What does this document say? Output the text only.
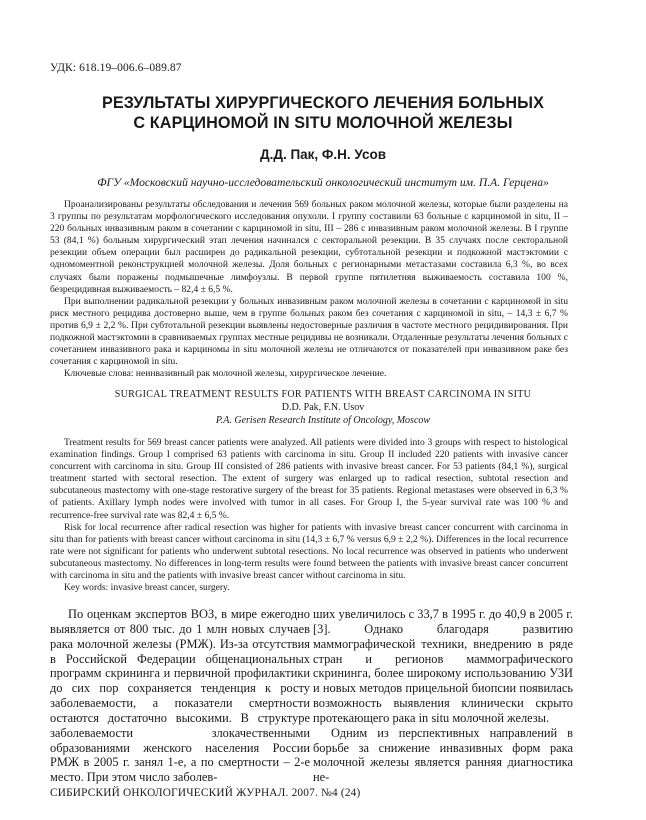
УДК: 618.19–006.6–089.87
РЕЗУЛЬТАТЫ ХИРУРГИЧЕСКОГО ЛЕЧЕНИЯ БОЛЬНЫХ
С КАРЦИНОМОЙ IN SITU МОЛОЧНОЙ ЖЕЛЕЗЫ
Д.Д. Пак, Ф.Н. Усов
ФГУ «Московский научно-исследовательский онкологический институт им. П.А. Герцена»

Проанализированы результаты обследования и лечения 569 больных раком молочной железы, которые были разделены на 3 группы по результатам морфологического исследования опухоли. I группу составили 63 больные с карциномой in situ, II – 220 больных инвазивным раком в сочетании с карциномой in situ, III – 286 с инвазивным раком молочной железы. В I группе 53 (84,1 %) больным хирургический этап лечения начинался с секторальной резекции. В 35 случаях после секторальной резекции объем операции был расширен до радикальной резекции, субтотальной резекции и подкожной мастэктомии с одномоментной реконструкцией молочной железы. Доля больных с регионарными метастазами составила 6,3 %, во всех случаях были поражены подмышечные лимфоузлы. В первой группе пятилетняя выживаемость составила 100 %, безрецидивная выживаемость – 82,4 ± 6,5 %.

При выполнении радикальной резекции у больных инвазивным раком молочной железы в сочетании с карциномой in situ риск местного рецидива достоверно выше, чем в группе больных раком без сочетания с карциномой in situ, – 14,3 ± 6,7 % против 6,9 ± 2,2 %. При субтотальной резекции выявлены недостоверные различия в частоте местного рецидивирования. При подкожной мастэктомии в сравниваемых группах местные рецидивы не возникали. Отдаленные результаты лечения больных с сочетанием инвазивного рака и карциномы in situ молочной железы не отличаются от показателей при инвазивном раке без сочетания с карциномой in situ.

Ключевые слова: неинвазивный рак молочной железы, хирургическое лечение.

SURGICAL TREATMENT RESULTS FOR PATIENTS WITH BREAST CARCINOMA IN SITU
D.D. Pak, F.N. Usov
P.A. Gerisen Research Institute of Oncology, Moscow

Treatment results for 569 breast cancer patients were analyzed. All patients were divided into 3 groups with respect to histological examination findings. Group I comprised 63 patients with carcinoma in situ. Group II included 220 patients with invasive cancer concurrent with carcinoma in situ. Group III consisted of 286 patients with invasive breast cancer. For 53 patients (84,1 %), surgical treatment started with sectoral resection. The extent of surgery was enlarged up to radical resection, subtotal resection and subcutaneous mastectomy with one-stage restorative surgery of the breast for 35 patients. Regional metastases were observed in 6,3 % of patients. Axillary lymph nodes were involved with tumor in all cases. For Group I, the 5-year survival rate was 100 % and recurrence-free survival rate was 82,4 ± 6,5 %.

Risk for local recurrence after radical resection was higher for patients with invasive breast cancer concurrent with carcinoma in situ than for patients with breast cancer without carcinoma in situ (14,3 ± 6,7 % versus 6,9 ± 2,2 %). Differences in the local recurrence rate were not significant for patients who underwent subtotal resections. No local recurrence was observed in patients who underwent subcutaneous mastectomy. No differences in long-term results were found between the patients with invasive breast cancer concurrent with carcinoma in situ and the patients with invasive breast cancer without carcinoma in situ.

Key words: invasive breast cancer, surgery.

По оценкам экспертов ВОЗ, в мире ежегодно выявляется от 800 тыс. до 1 млн новых случаев рака молочной железы (РМЖ). Из-за отсутствия в Российской Федерации общенациональных программ скрининга и первичной профилактики до сих пор сохраняется тенденция к росту заболеваемости, а показатели смертности остаются достаточно высокими. В структуре заболеваемости злокачественными образованиями женского населения России РМЖ в 2005 г. занял 1-е, а по смертности – 2-е место. При этом число заболев-

ших увеличилось с 33,7 в 1995 г. до 40,9 в 2005 г. [3]. Однако благодаря развитию маммографической техники, внедрению в ряде стран и регионов маммографического скрининга, более широкому использованию УЗИ и новых методов прицельной биопсии появилась возможность выявления клинически скрыто протекающего рака in situ молочной железы.

Одним из перспективных направлений в борьбе за снижение инвазивных форм рака молочной железы является ранняя диагностика не-

СИБИРСКИЙ ОНКОЛОГИЧЕСКИЙ ЖУРНАЛ. 2007. №4 (24)
